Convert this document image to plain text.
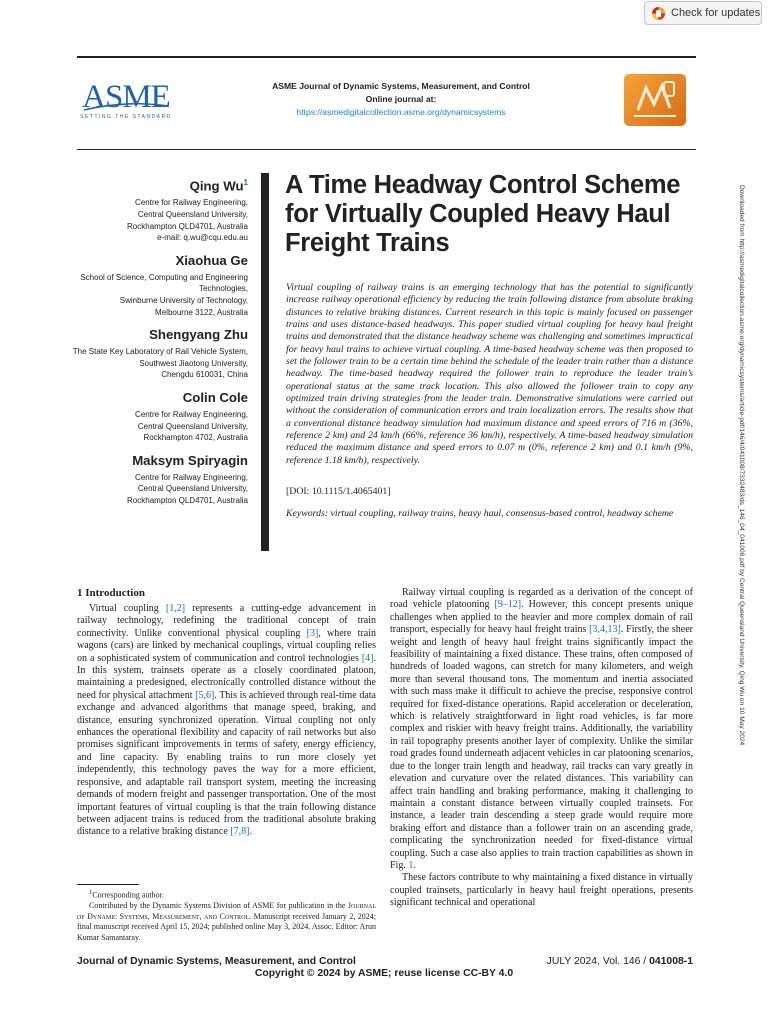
Check for updates
ASME
SETTING THE STANDARD
ASME Journal of Dynamic Systems, Measurement, and Control
Online journal at:
https://asmedigitalcollection.asme.org/dynamicsystems
Qing Wu$^1$
Centre for Railway Engineering,
Central Queensland University,
Rockhampton QLD4701, Australia
e-mail: q.wu@cqu.edu.au
Xiaohua Ge
School of Science, Computing and Engineering
Technologies,
Swinburne University of Technology,
Melbourne 3122, Australia
Shengyang Zhu
The State Key Laboratory of Rail Vehicle System,
Southwest Jiaotong University,
Chengdu 610031, China
Colin Cole
Centre for Railway Engineering,
Central Queensland University,
Rockhampton 4702, Australia
Maksym Spiryagin
Centre for Railway Engineering,
Central Queensland University,
Rockhampton QLD4701, Australia
A Time Headway Control Scheme for Virtually Coupled Heavy Haul Freight Trains

Virtual coupling of railway trains is an emerging technology that has the potential to significantly increase railway operational efficiency by reducing the train following distance from absolute braking distances to relative braking distances. Current research in this topic is mainly focused on passenger trains and uses distance-based headways. This paper studied virtual coupling for heavy haul freight trains and demonstrated that the distance headway scheme was challenging and sometimes impractical for heavy haul trains to achieve virtual coupling. A time-based headway scheme was then proposed to set the follower train to be a certain time behind the schedule of the leader train rather than a distance headway. The time-based headway required the follower train to reproduce the leader train’s operational status at the same track location. This also allowed the follower train to copy any optimized train driving strategies from the leader train. Demonstrative simulations were carried out without the consideration of communication errors and train localization errors. The results show that a conventional distance headway simulation had maximum distance and speed errors of 716 m (36%, reference 2 km) and 24 km/h (66%, reference 36 km/h), respectively. A time-based headway simulation reduced the maximum distance and speed errors to 0.07 m (0%, reference 2 km) and 0.1 km/h (9%, reference 1.18 km/h), respectively.

[DOI: 10.1115/1.4065401]

Keywords: virtual coupling, railway trains, heavy haul, consensus-based control, headway scheme

1 Introduction

Virtual coupling [1,2] represents a cutting-edge advancement in railway technology, redefining the traditional concept of train connectivity. Unlike conventional physical coupling [3], where train wagons (cars) are linked by mechanical couplings, virtual coupling relies on a sophisticated system of communication and control technologies [4]. In this system, trainsets operate as a closely coordinated platoon, maintaining a predesigned, electronically controlled distance without the need for physical attachment [5,6]. This is achieved through real-time data exchange and advanced algorithms that manage speed, braking, and distance, ensuring synchronized operation. Virtual coupling not only enhances the operational flexibility and capacity of rail networks but also promises significant improvements in terms of safety, energy efficiency, and line capacity. By enabling trains to run more closely yet independently, this technology paves the way for a more efficient, responsive, and adaptable rail transport system, meeting the increasing demands of modern freight and passenger transportation. One of the most important features of virtual coupling is that the train following distance between adjacent trains is reduced from the traditional absolute braking distance to a relative braking distance [7,8].

$^1$Corresponding author.

Contributed by the Dynamic Systems Division of ASME for publication in the Journal of Dynamic Systems, Measurement, and Control. Manuscript received January 2, 2024; final manuscript received April 15, 2024; published online May 3, 2024. Assoc. Editor: Arun Kumar Samantaray.

Railway virtual coupling is regarded as a derivation of the concept of road vehicle platooning [9–12]. However, this concept presents unique challenges when applied to the heavier and more complex domain of rail transport, especially for heavy haul freight trains [3,4,13]. Firstly, the sheer weight and length of heavy haul freight trains significantly impact the feasibility of maintaining a fixed distance. These trains, often composed of hundreds of loaded wagons, can stretch for many kilometers, and weigh more than several thousand tons. The momentum and inertia associated with such mass make it difficult to achieve the precise, responsive control required for fixed-distance operations. Rapid acceleration or deceleration, which is relatively straightforward in light road vehicles, is far more complex and riskier with heavy freight trains. Additionally, the variability in rail topography presents another layer of complexity. Unlike the similar road grades found underneath adjacent vehicles in car platooning scenarios, due to the longer train length and headway, rail tracks can vary greatly in elevation and curvature over the related distances. This variability can affect train handling and braking performance, making it challenging to maintain a constant distance between virtually coupled trainsets. For instance, a leader train descending a steep grade would require more braking effort and distance than a follower train on an ascending grade, complicating the synchronization needed for fixed-distance virtual coupling. Such a case also applies to train traction capabilities as shown in Fig. 1.

These factors contribute to why maintaining a fixed distance in virtually coupled trainsets, particularly in heavy haul freight operations, presents significant technical and operational

Journal of Dynamic Systems, Measurement, and Control	JULY 2024, Vol. 146 / 041008-1
Copyright © 2024 by ASME; reuse license CC-BY 4.0
Downloaded from http://asmedigitalcollection.asme.org/dynamicsystems/article-pdf/146/4/041008/7332483/ds_146_04_041008.pdf by Central Queensland University, Qing Wu on 10 May 2024
